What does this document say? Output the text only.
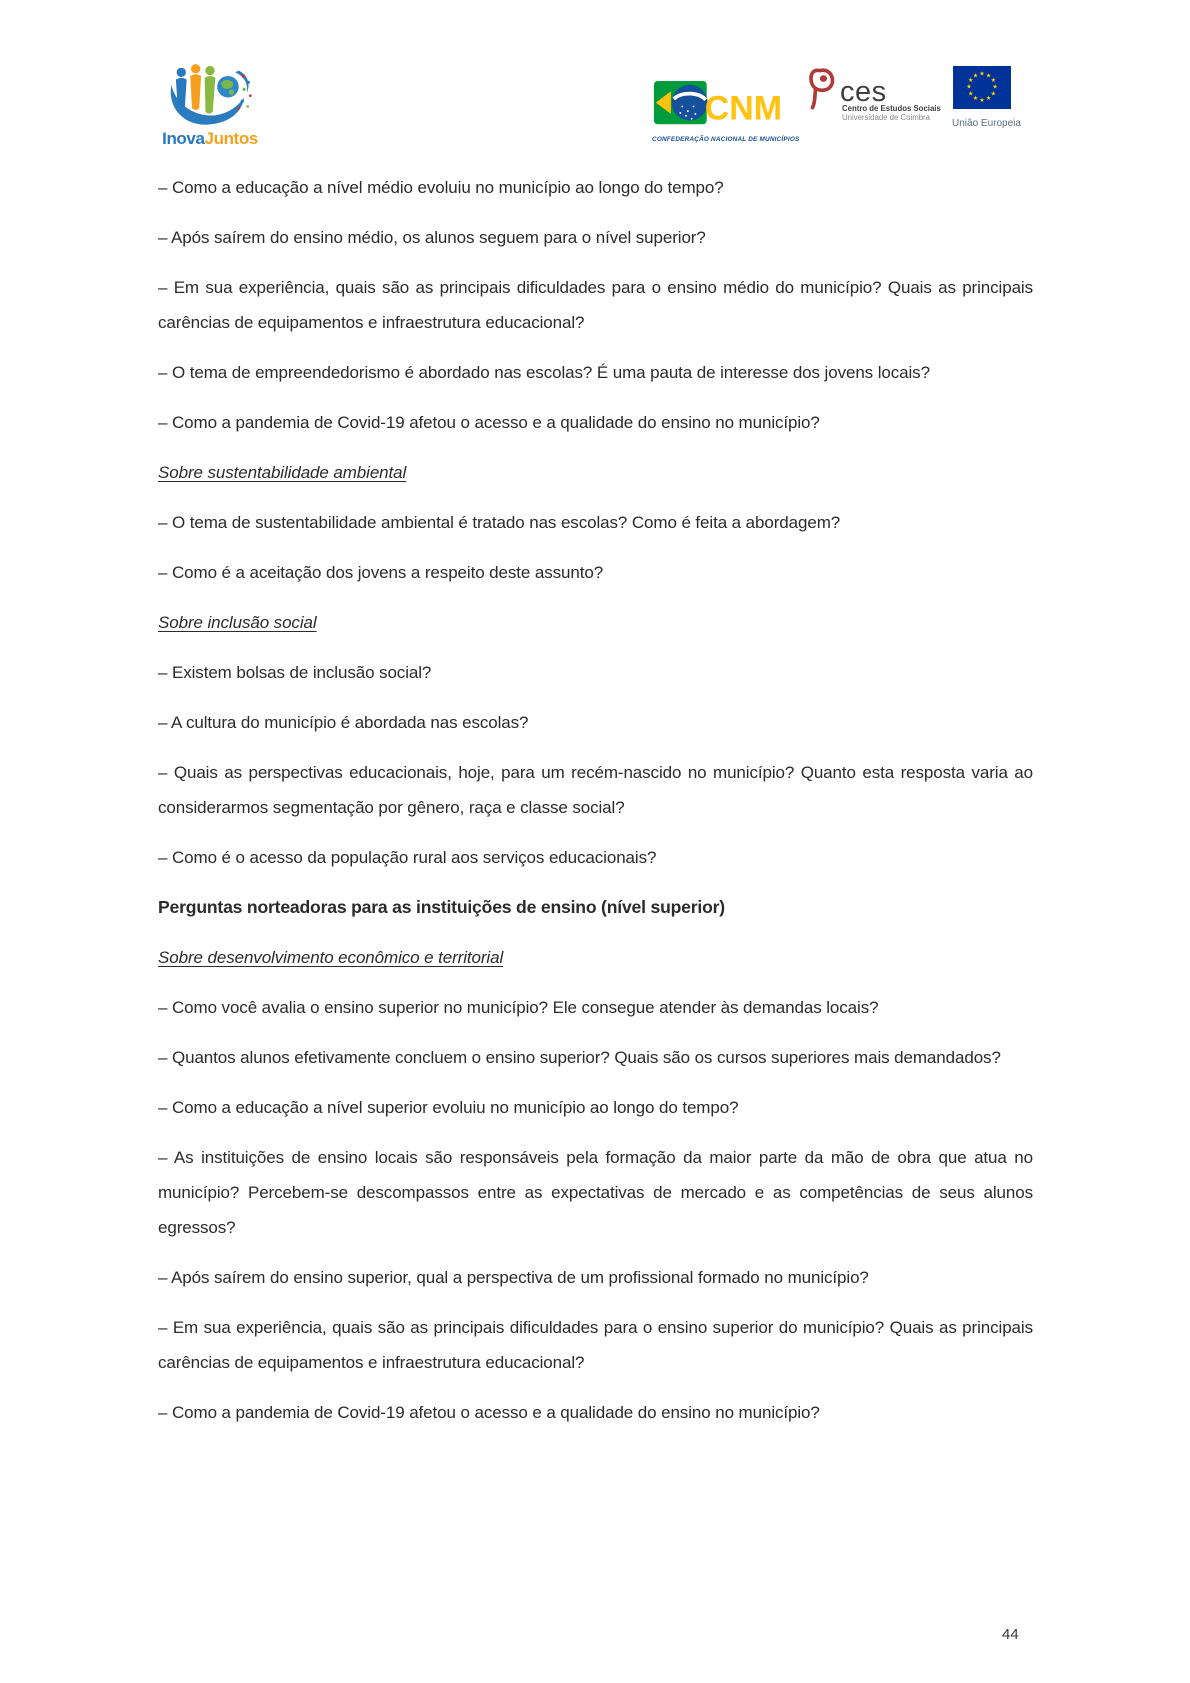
InovaJuntos
CNM
CONFEDERAÇÃO NACIONAL DE MUNICÍPIOS
ces
Centro de Estudos Sociais
Universidade de Coimbra
★ ★
★
★
★
★
★
★
★
★
★
★
União Europeia

– Como a educação a nível médio evoluiu no município ao longo do tempo?

– Após saírem do ensino médio, os alunos seguem para o nível superior?

– Em sua experiência, quais são as principais dificuldades para o ensino médio do município? Quais as principais carências de equipamentos e infraestrutura educacional?

– O tema de empreendedorismo é abordado nas escolas? É uma pauta de interesse dos jovens locais?

– Como a pandemia de Covid-19 afetou o acesso e a qualidade do ensino no município?

Sobre sustentabilidade ambiental

– O tema de sustentabilidade ambiental é tratado nas escolas? Como é feita a abordagem?

– Como é a aceitação dos jovens a respeito deste assunto?

Sobre inclusão social

– Existem bolsas de inclusão social?

– A cultura do município é abordada nas escolas?

– Quais as perspectivas educacionais, hoje, para um recém-nascido no município? Quanto esta resposta varia ao considerarmos segmentação por gênero, raça e classe social?

– Como é o acesso da população rural aos serviços educacionais?

Perguntas norteadoras para as instituições de ensino (nível superior)

Sobre desenvolvimento econômico e territorial

– Como você avalia o ensino superior no município? Ele consegue atender às demandas locais?

– Quantos alunos efetivamente concluem o ensino superior? Quais são os cursos superiores mais demandados?

– Como a educação a nível superior evoluiu no município ao longo do tempo?

– As instituições de ensino locais são responsáveis pela formação da maior parte da mão de obra que atua no município? Percebem-se descompassos entre as expectativas de mercado e as competências de seus alunos egressos?

– Após saírem do ensino superior, qual a perspectiva de um profissional formado no município?

– Em sua experiência, quais são as principais dificuldades para o ensino superior do município? Quais as principais carências de equipamentos e infraestrutura educacional?

– Como a pandemia de Covid-19 afetou o acesso e a qualidade do ensino no município?

44
